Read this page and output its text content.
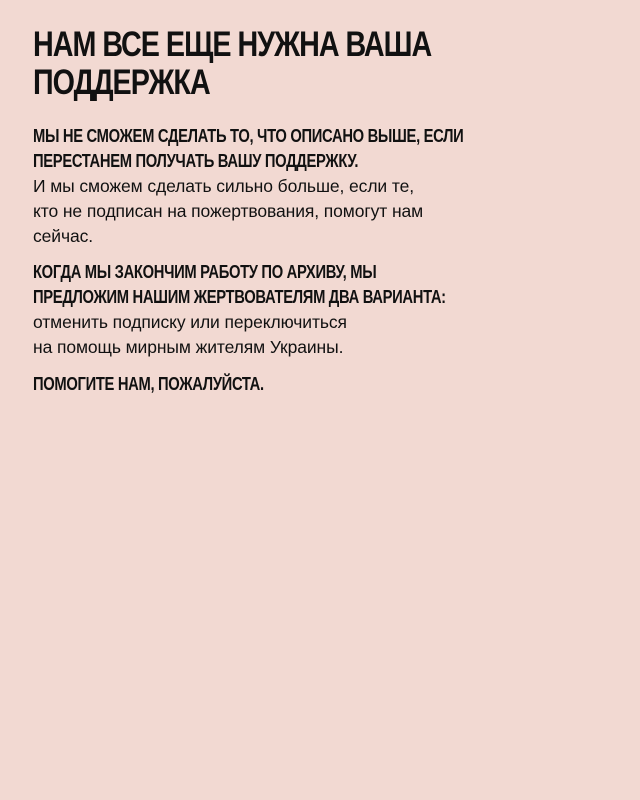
НАМ ВСЕ ЕЩЕ НУЖНА ВАША
ПОДДЕРЖКА
МЫ НЕ СМОЖЕМ СДЕЛАТЬ ТО, ЧТО ОПИСАНО ВЫШЕ, ЕСЛИ
ПЕРЕСТАНЕМ ПОЛУЧАТЬ ВАШУ ПОДДЕРЖКУ.
И мы сможем сделать сильно больше, если те,
кто не подписан на пожертвования, помогут нам
сейчас.
КОГДА МЫ ЗАКОНЧИМ РАБОТУ ПО АРХИВУ, МЫ
ПРЕДЛОЖИМ НАШИМ ЖЕРТВОВАТЕЛЯМ ДВА ВАРИАНТА:
отменить подписку или переключиться
на помощь мирным жителям Украины.
ПОМОГИТЕ НАМ, ПОЖАЛУЙСТА.
